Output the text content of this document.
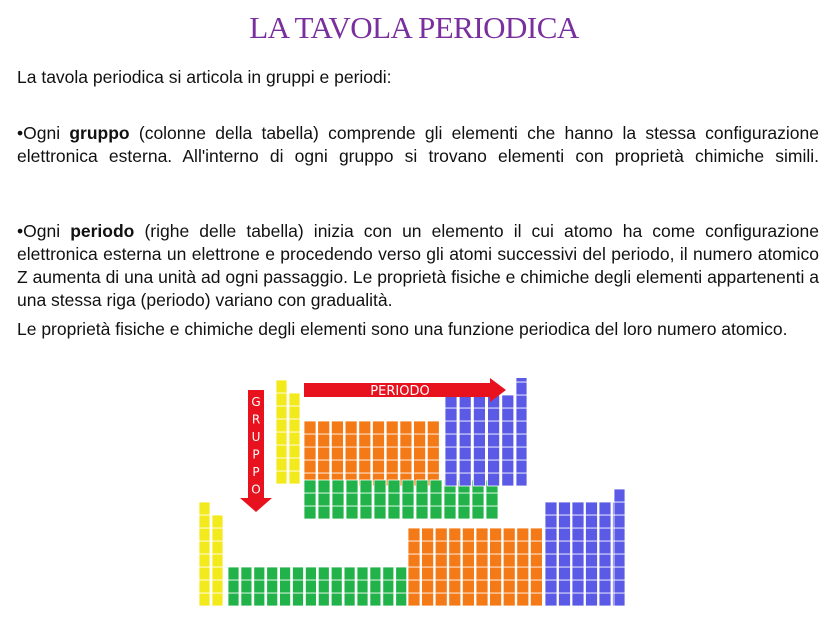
LA TAVOLA PERIODICA
La tavola periodica si articola in gruppi e periodi:
•Ogni gruppo (colonne della tabella) comprende gli elementi che hanno la stessa configurazione elettronica esterna. All'interno di ogni gruppo si trovano elementi con proprietà chimiche simili.
•Ogni periodo (righe delle tabella) inizia con un elemento il cui atomo ha come configurazione elettronica esterna un elettrone e procedendo verso gli atomi successivi del periodo, il numero atomico Z aumenta di una unità ad ogni passaggio. Le proprietà fisiche e chimiche degli elementi appartenenti a una stessa riga (periodo) variano con gradualità.
Le proprietà fisiche e chimiche degli elementi sono una funzione periodica del loro numero atomico.
PERIODO
G
R
U
P
P
O
